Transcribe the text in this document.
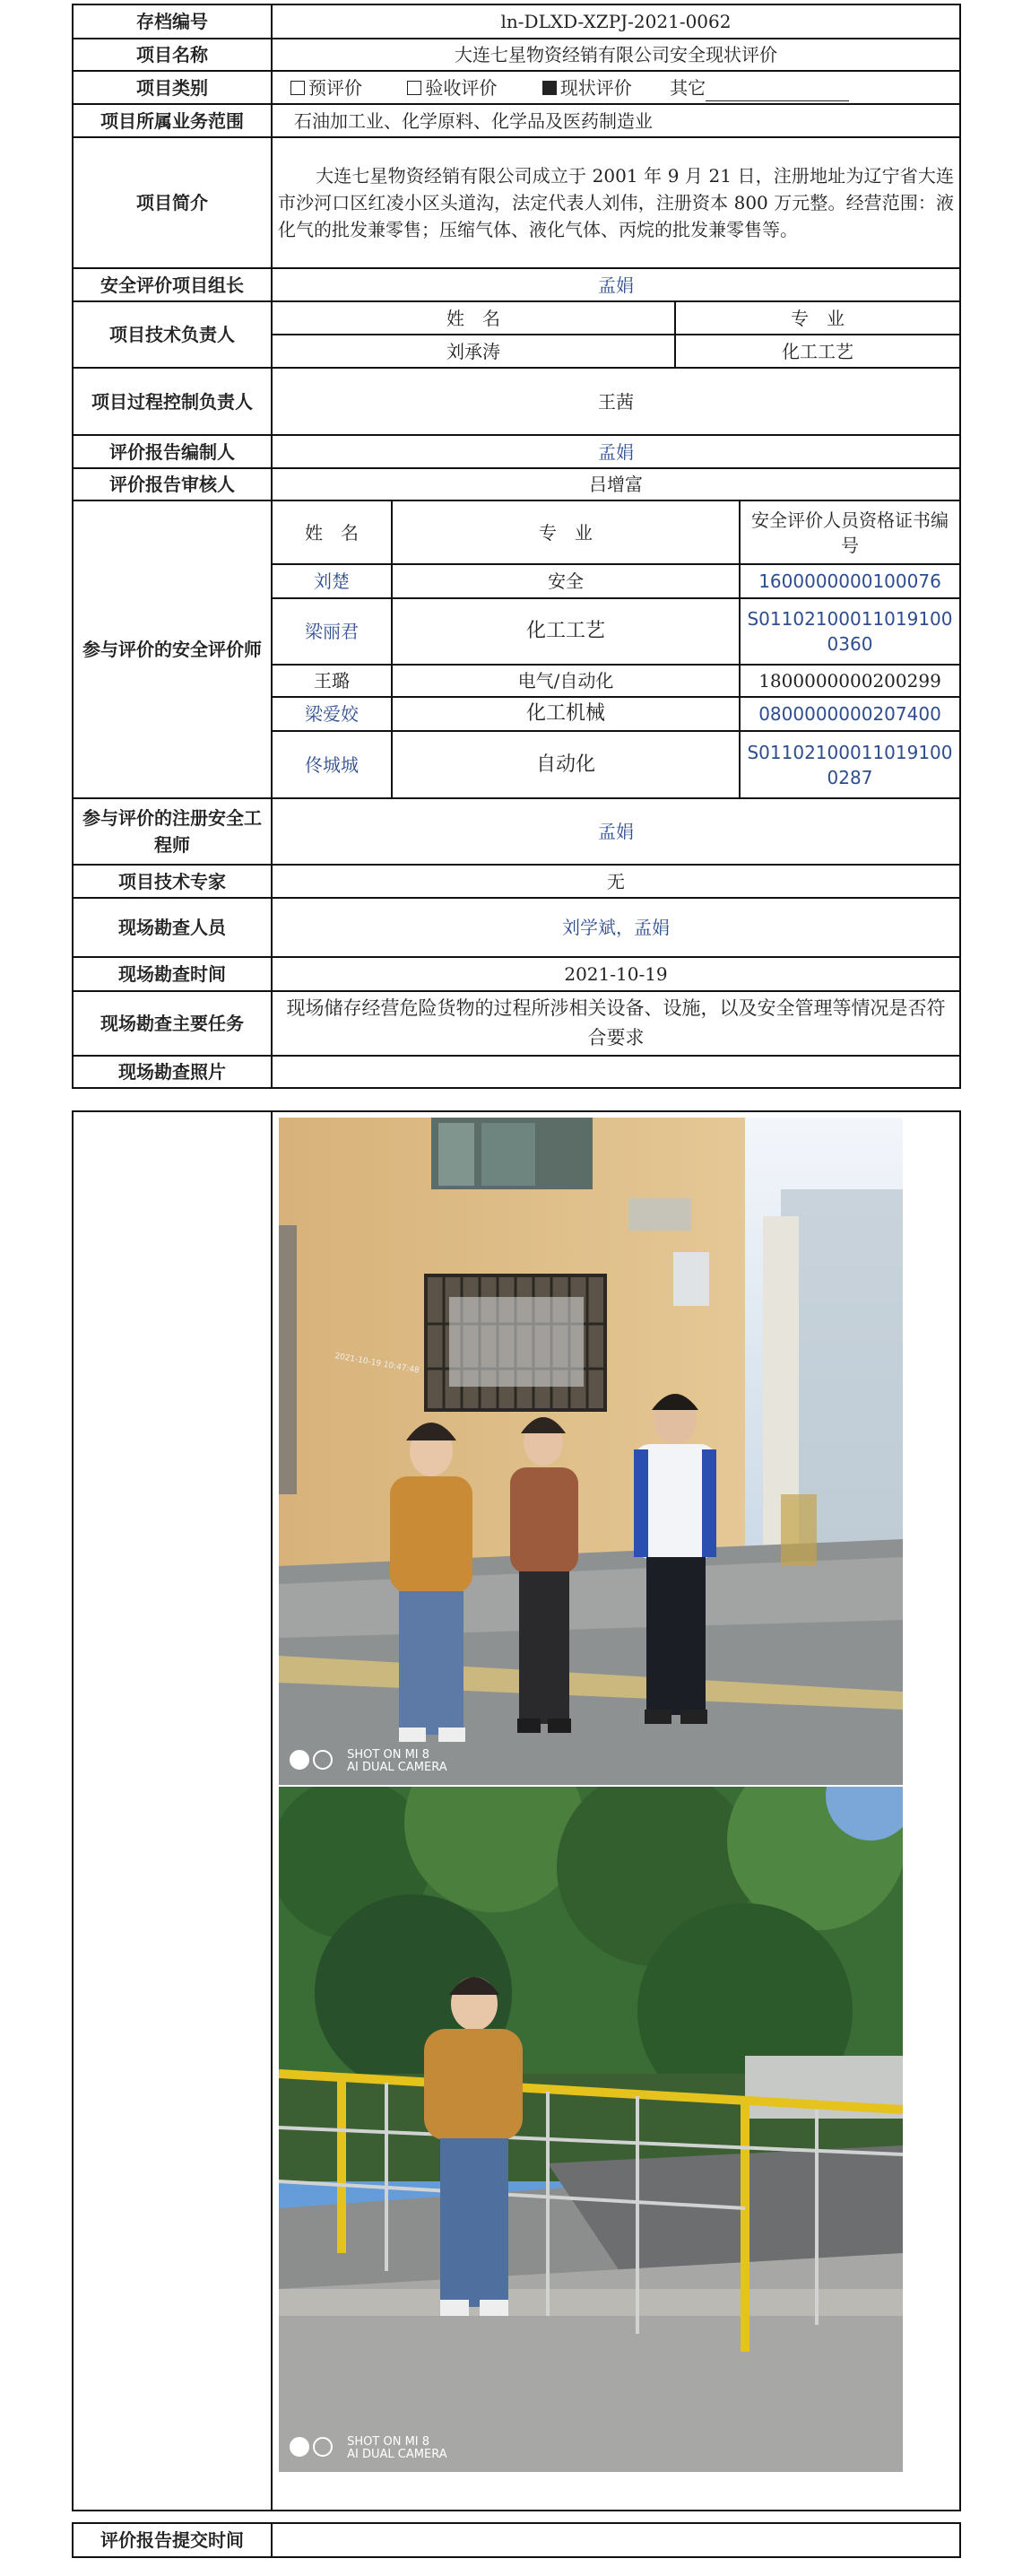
存档编号	ln-DLXD-XZPJ-2021-0062
项目名称	大连七星物资经销有限公司安全现状评价
项目类别	预评价	验收评价	现状评价 其它
项目所属业务范围	石油加工业、化学原料、化学品及医药制造业
项目简介	大连七星物资经销有限公司成立于 2001 年 9 月 21 日，注册地址为辽宁省大连市沙河口区红凌小区头道沟，法定代表人刘伟，注册资本 800 万元整。经营范围：液化气的批发兼零售；压缩气体、液化气体、丙烷的批发兼零售等。
安全评价项目组长	孟娟
项目技术负责人	
姓　名	专　业
刘承涛	化工工艺

项目过程控制负责人	王茜
评价报告编制人	孟娟
评价报告审核人	吕增富
参与评价的安全评价师	
姓　名	专　业	安全评价人员资格证书编号
刘楚	安全	1600000000100076
梁丽君	化工工艺	S011021000110191000360
王璐	电气/自动化	1800000000200299
梁爱姣	化工机械	0800000000207400
佟城城	自动化	S011021000110191000287

参与评价的注册安全工程师	孟娟
项目技术专家	无
现场勘查人员	刘学斌，孟娟
现场勘查时间	2021-10-19
现场勘查主要任务	现场储存经营危险货物的过程所涉相关设备、设施，以及安全管理等情况是否符合要求
现场勘查照片	
2021-10-19 10:47:48
SHOT ON MI 8
AI DUAL CAMERA
SHOT ON MI 8
AI DUAL CAMERA
评价报告提交时间	
